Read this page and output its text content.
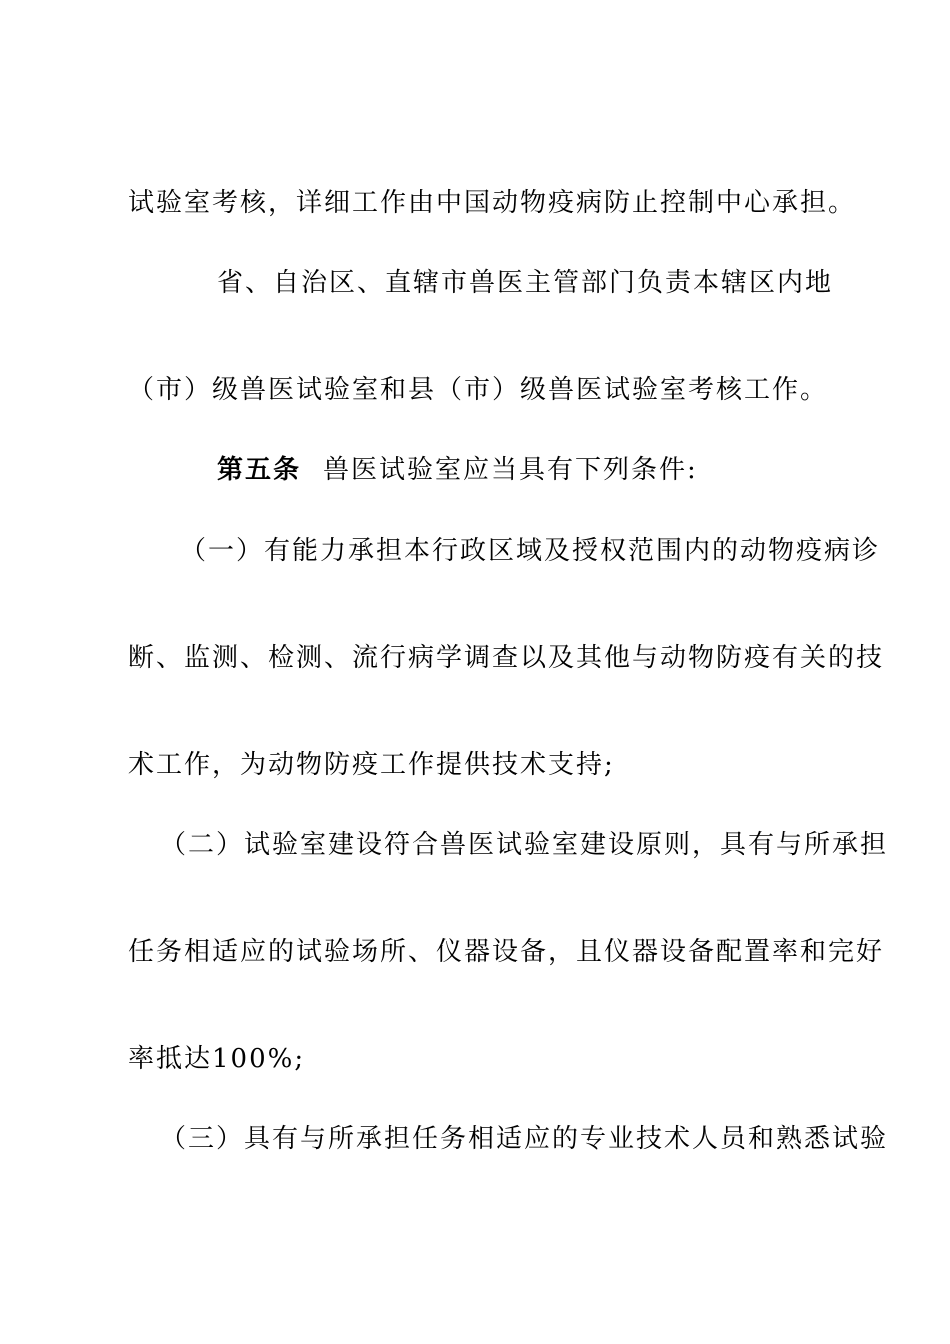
试验室考核，详细工作由中国动物疫病防止控制中心承担。
省、自治区、直辖市兽医主管部门负责本辖区内地
（市）级兽医试验室和县（市）级兽医试验室考核工作。
第五条 兽医试验室应当具有下列条件:
（一）有能力承担本行政区域及授权范围内的动物疫病诊
断、监测、检测、流行病学调查以及其他与动物防疫有关的技
术工作，为动物防疫工作提供技术支持;
（二）试验室建设符合兽医试验室建设原则，具有与所承担
任务相适应的试验场所、仪器设备，且仪器设备配置率和完好
率抵达100%;
（三）具有与所承担任务相适应的专业技术人员和熟悉试验
